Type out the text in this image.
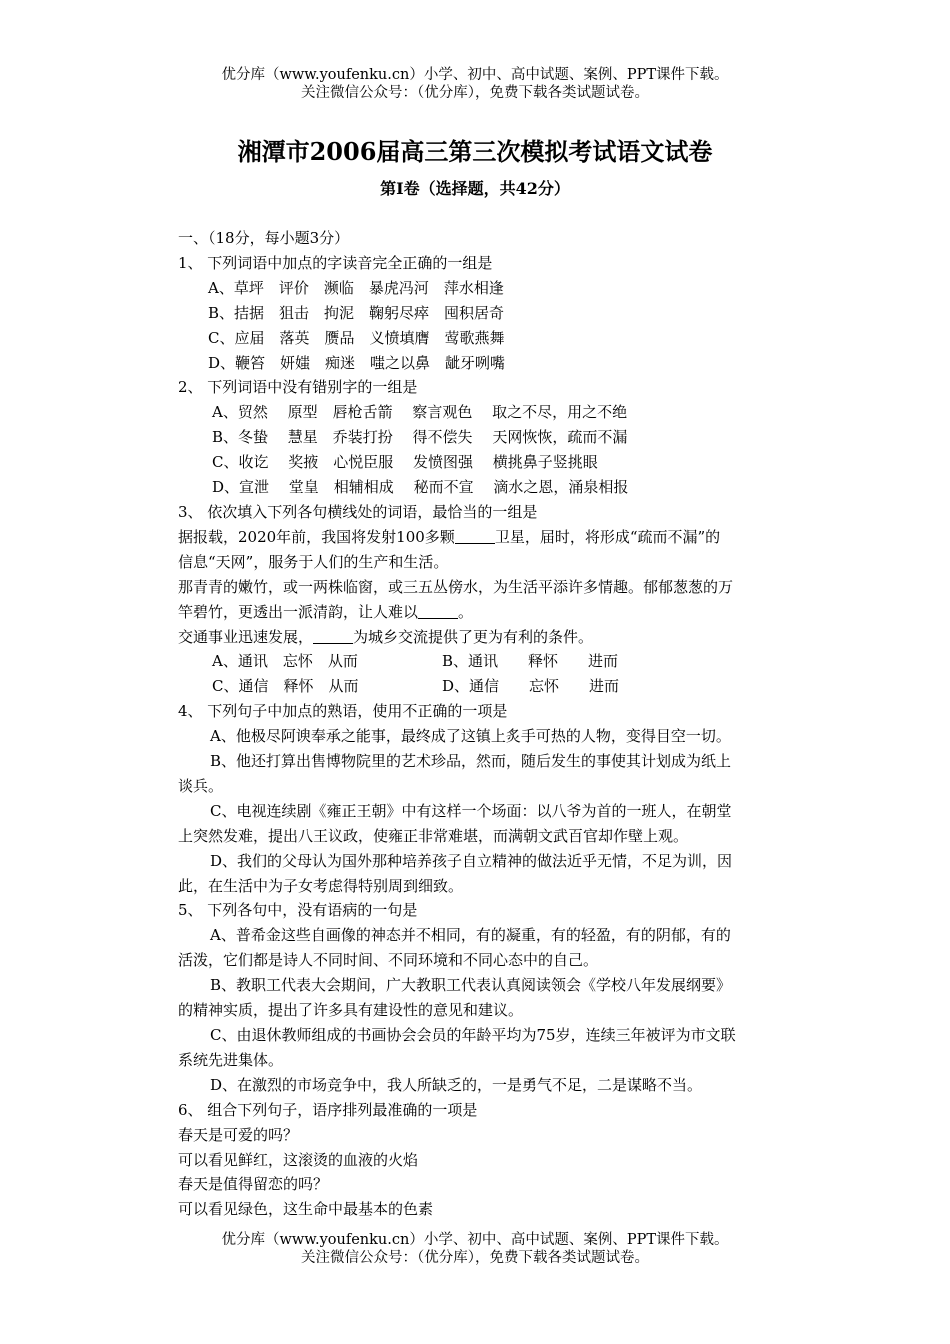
优分库（www.youfenku.cn）小学、初中、高中试题、案例、PPT课件下载。
关注微信公众号：（优分库），免费下载各类试题试卷。
湘潭市2006届高三第三次模拟考试语文试卷
第I卷（选择题，共42分）
一、（18分，每小题3分）
1、 下列词语中加点的字读音完全正确的一组是
A、草坪　评价　濒临　暴虎冯河　萍水相逢
B、拮据　狙击　拘泥　鞠躬尽瘁　囤积居奇
C、应届　落英　赝品　义愤填膺　莺歌燕舞
D、鞭笞　妍媸　痴迷　嗤之以鼻　龇牙咧嘴
2、 下列词语中没有错别字的一组是
A、贸然　 原型　唇枪舌箭　 察言观色　 取之不尽，用之不绝
B、冬蛰　 慧星　乔装打扮　 得不偿失　 天网恢恢，疏而不漏
C、收讫　 奖掖　心悦臣服　 发愤图强　 横挑鼻子竖挑眼
D、宣泄　 堂皇　相辅相成　 秘而不宣　 滴水之恩，涌泉相报
3、 依次填入下列各句横线处的词语，最恰当的一组是
据报载，2020年前，我国将发射100多颗	卫星，届时，将形成“疏而不漏”的
信息“天网”，服务于人们的生产和生活。
那青青的嫩竹，或一两株临窗，或三五丛傍水，为生活平添许多情趣。郁郁葱葱的万
竿碧竹，更透出一派清韵，让人难以	。
交通事业迅速发展，	为城乡交流提供了更为有利的条件。
A、通讯　忘怀　从而	B、通讯　　释怀　　进而
C、通信　释怀　从而	D、通信　　忘怀　　进而
4、 下列句子中加点的熟语，使用不正确的一项是
A、他极尽阿谀奉承之能事，最终成了这镇上炙手可热的人物，变得目空一切。
B、他还打算出售博物院里的艺术珍品，然而，随后发生的事使其计划成为纸上
谈兵。
C、电视连续剧《雍正王朝》中有这样一个场面：以八爷为首的一班人，在朝堂
上突然发难，提出八王议政，使雍正非常难堪，而满朝文武百官却作壁上观。
D、我们的父母认为国外那种培养孩子自立精神的做法近乎无情，不足为训，因
此，在生活中为子女考虑得特别周到细致。
5、 下列各句中，没有语病的一句是
A、普希金这些自画像的神态并不相同，有的凝重，有的轻盈，有的阴郁，有的
活泼，它们都是诗人不同时间、不同环境和不同心态中的自己。
B、教职工代表大会期间，广大教职工代表认真阅读领会《学校八年发展纲要》
的精神实质，提出了许多具有建设性的意见和建议。
C、由退休教师组成的书画协会会员的年龄平均为75岁，连续三年被评为市文联
系统先进集体。
D、在激烈的市场竞争中，我人所缺乏的，一是勇气不足，二是谋略不当。
6、 组合下列句子，语序排列最准确的一项是
春天是可爱的吗？
可以看见鲜红，这滚烫的血液的火焰
春天是值得留恋的吗？
可以看见绿色，这生命中最基本的色素
优分库（www.youfenku.cn）小学、初中、高中试题、案例、PPT课件下载。
关注微信公众号：（优分库），免费下载各类试题试卷。
